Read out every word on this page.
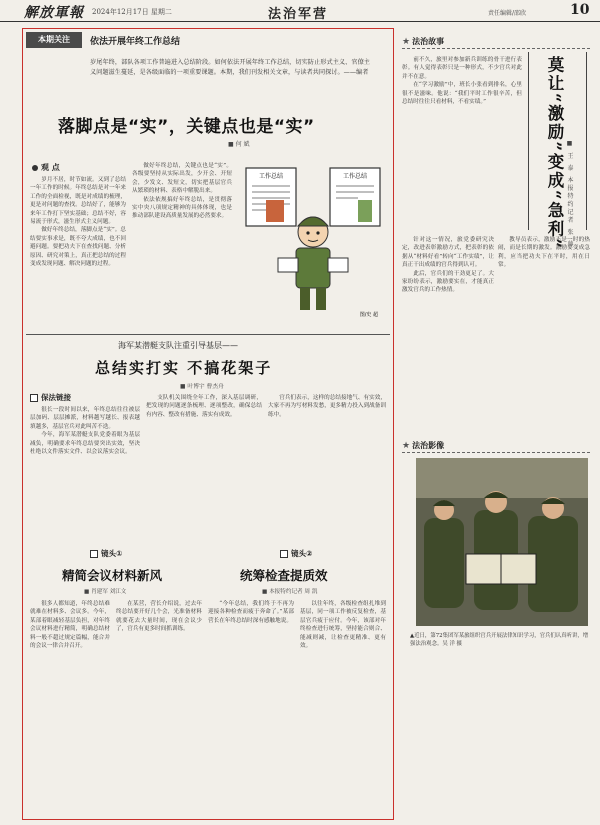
解放軍報 2024年12月17日 星期二	法治军营	责任编辑/邵欣	10
本期关注	依法开展年终工作总结
岁尾年终，部队各项工作普遍进入总结阶段。如何依法开展年终工作总结，切实防止形式主义、官僚主义问题滋生蔓延，是各级面临的一项重要课题。本期，我们刊发相关文章，与读者共同探讨。——编者
落脚点是“实”，关键点也是“实”
■ 何 斌
观 点

岁月不居，时节如流。又到了总结一年工作的时候。年终总结是对一年来工作的全面检视，既是对成绩的梳理，更是对问题的查找。总结好了，能够为来年工作打下坚实基础；总结不好，容易流于形式，滋生形式主义问题。

做好年终总结，落脚点是“实”。总结要实事求是，既不夸大成绩，也不回避问题。要把功夫下在查找问题、分析原因、研究对策上，真正把总结的过程变成发现问题、解决问题的过程。

做好年终总结，关键点也是“实”。各级要坚持从实际出发，少开会、开短会，少发文、发短文，切实把基层官兵从繁琐的材料、表格中解脱出来。

依法依规搞好年终总结，是贯彻落实中央八项规定精神的具体体现，也是推动部队建设高质量发展的必然要求。

工作总结	工作总结
图/史 超
海军某潜艇支队注重引导基层——
总结实打实 不搞花架子
■ 叶博宇 曹杰舟
保法链接

很长一段时间以来，年终总结往往被层层加码、层层摊派，材料越写越长、报表越填越多，基层官兵对此叫苦不迭。

今年，海军某潜艇支队党委着眼为基层减负，明确要求年终总结要突出实效，坚决杜绝以文件落实文件、以会议落实会议。

支队机关围绕全年工作，深入基层调研，把发现的问题逐条梳理、逐项整改，确保总结有内容、整改有措施、落实有成效。

官兵们表示，这样的总结接地气、有实效，大家不再为写材料发愁，更多精力投入到战备训练中。

镜头①
精简会议材料新风
■ 肖建军 刘江文

很多人都知道，年终总结难就难在材料多、会议多。今年，某部着眼减轻基层负担，对年终会议材料进行精简，明确总结材料一般不超过规定篇幅，能合并的会议一律合并召开。

在某营，营长介绍说，过去年终总结要开好几个会，光准备材料就要花去大量时间，现在会议少了，官兵有更多时间抓训练。

镜头②
统筹检查提质效
■ 本报特约记者 周 凯

“今年总结，我们终于不再为迎接各种检查而疲于奔命了。”某部营长在年终总结时深有感触地说。

以往年终，各级检查组扎堆到基层，同一项工作被反复检查，基层官兵疲于应付。今年，该部对年终检查进行统筹，坚持能合则合、能减则减，让检查更精准、更有效。

★ 法治故事
莫让“激励”变成“急利” ■ 王 泰 本报特约记者 张 帅

前不久，旅里对参加新兵训练的骨干进行表彰。有人觉得表彰只是一种形式，不少官兵对此并不在意。

在“学习激励”中，班长小张看到排名，心里很不是滋味。他说：“我们平时工作很辛苦，但总结时往往只看材料，不看实绩。”

针对这一情况，旅党委研究决定，改进表彰激励方式，把表彰的依据从“材料好看”转向“工作实绩”，让真正干出成绩的官兵得到认可。

此后，官兵们的干劲更足了。大家纷纷表示，激励要实在，才能真正激发官兵的工作热情。

教导员表示，激励不是一时的热闹，而是长期的激发。激励要变成急利，应当把功夫下在平时，用在日常。

★ 法治影像
▲近日，第72集团军某旅组织官兵开展法律知识学习，官兵们认真听讲，增强法治观念。吴 洋 摄
